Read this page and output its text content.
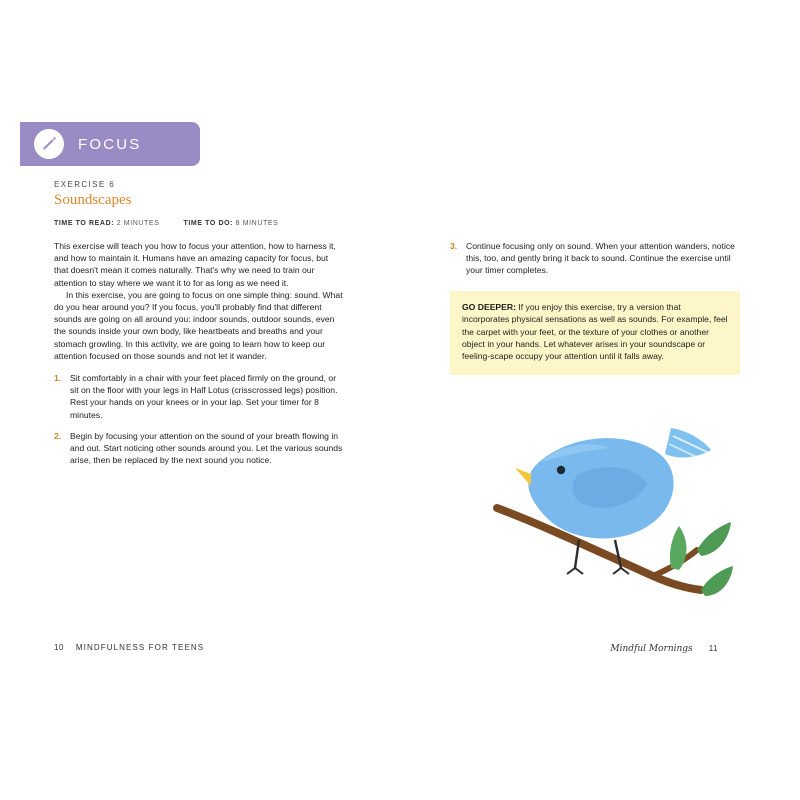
FOCUS
EXERCISE 6
Soundscapes
TIME TO READ: 2 MINUTES	TIME TO DO: 8 MINUTES

This exercise will teach you how to focus your attention, how to harness it, and how to maintain it. Humans have an amazing capacity for focus, but that doesn't mean it comes naturally. That's why we need to train our attention to stay where we want it to for as long as we need it.

In this exercise, you are going to focus on one simple thing: sound. What do you hear around you? If you focus, you'll probably find that different sounds are going on all around you: indoor sounds, outdoor sounds, even the sounds inside your own body, like heartbeats and breaths and your stomach growling. In this activity, we are going to learn how to keep our attention focused on those sounds and not let it wander.

1.	Sit comfortably in a chair with your feet placed firmly on the ground, or sit on the floor with your legs in Half Lotus (crisscrossed legs) position. Rest your hands on your knees or in your lap. Set your timer for 8 minutes.
2.	Begin by focusing your attention on the sound of your breath flowing in and out. Start noticing other sounds around you. Let the various sounds arise, then be replaced by the next sound you notice.
3.	Continue focusing only on sound. When your attention wanders, notice this, too, and gently bring it back to sound. Continue the exercise until your timer completes.
GO DEEPER: If you enjoy this exercise, try a version that incorporates physical sensations as well as sounds. For example, feel the carpet with your feet, or the texture of your clothes or another object in your hands. Let whatever arises in your soundscape or feeling-scape occupy your attention until it falls away.
10 MINDFULNESS FOR TEENS	Mindful Mornings 11
